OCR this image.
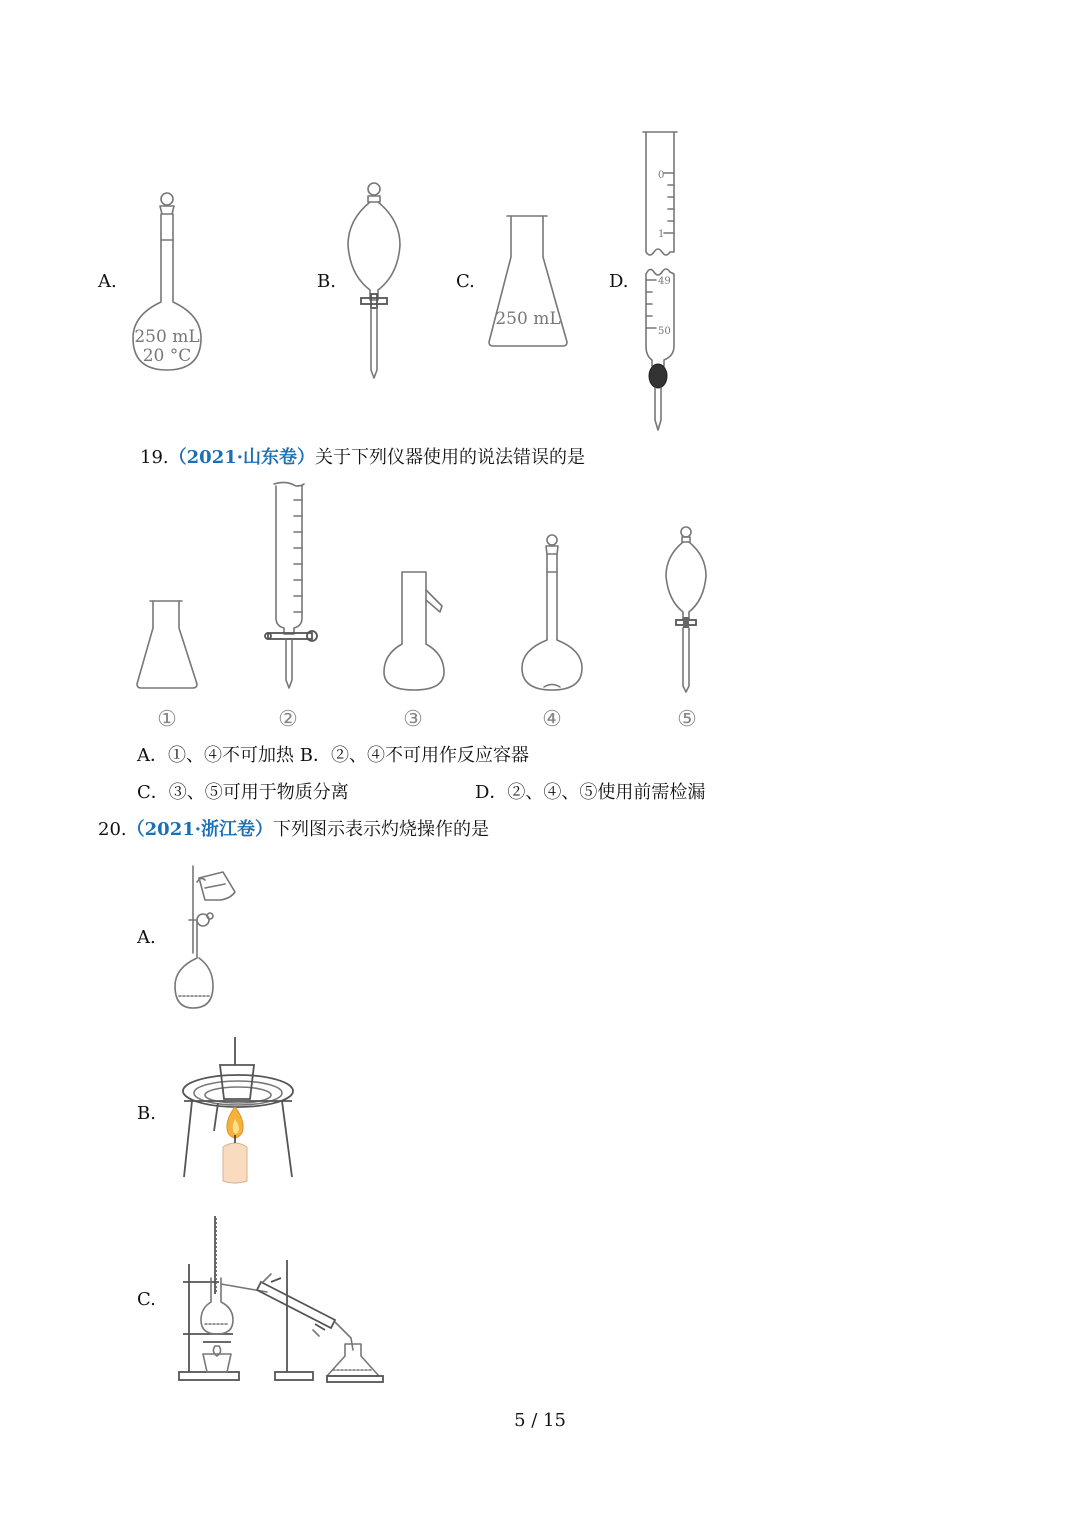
A.
250 mL
20 °C
B.	C.
250 mL
D.
0
1
49
50
19.（2021·山东卷）关于下列仪器使用的说法错误的是
①	②	③	④	⑤
A．①、④不可加热 B．②、④不可用作反应容器
C．③、⑤可用于物质分离	D．②、④、⑤使用前需检漏
20.（2021·浙江卷）下列图示表示灼烧操作的是
A.
B.
C.
5 / 15
